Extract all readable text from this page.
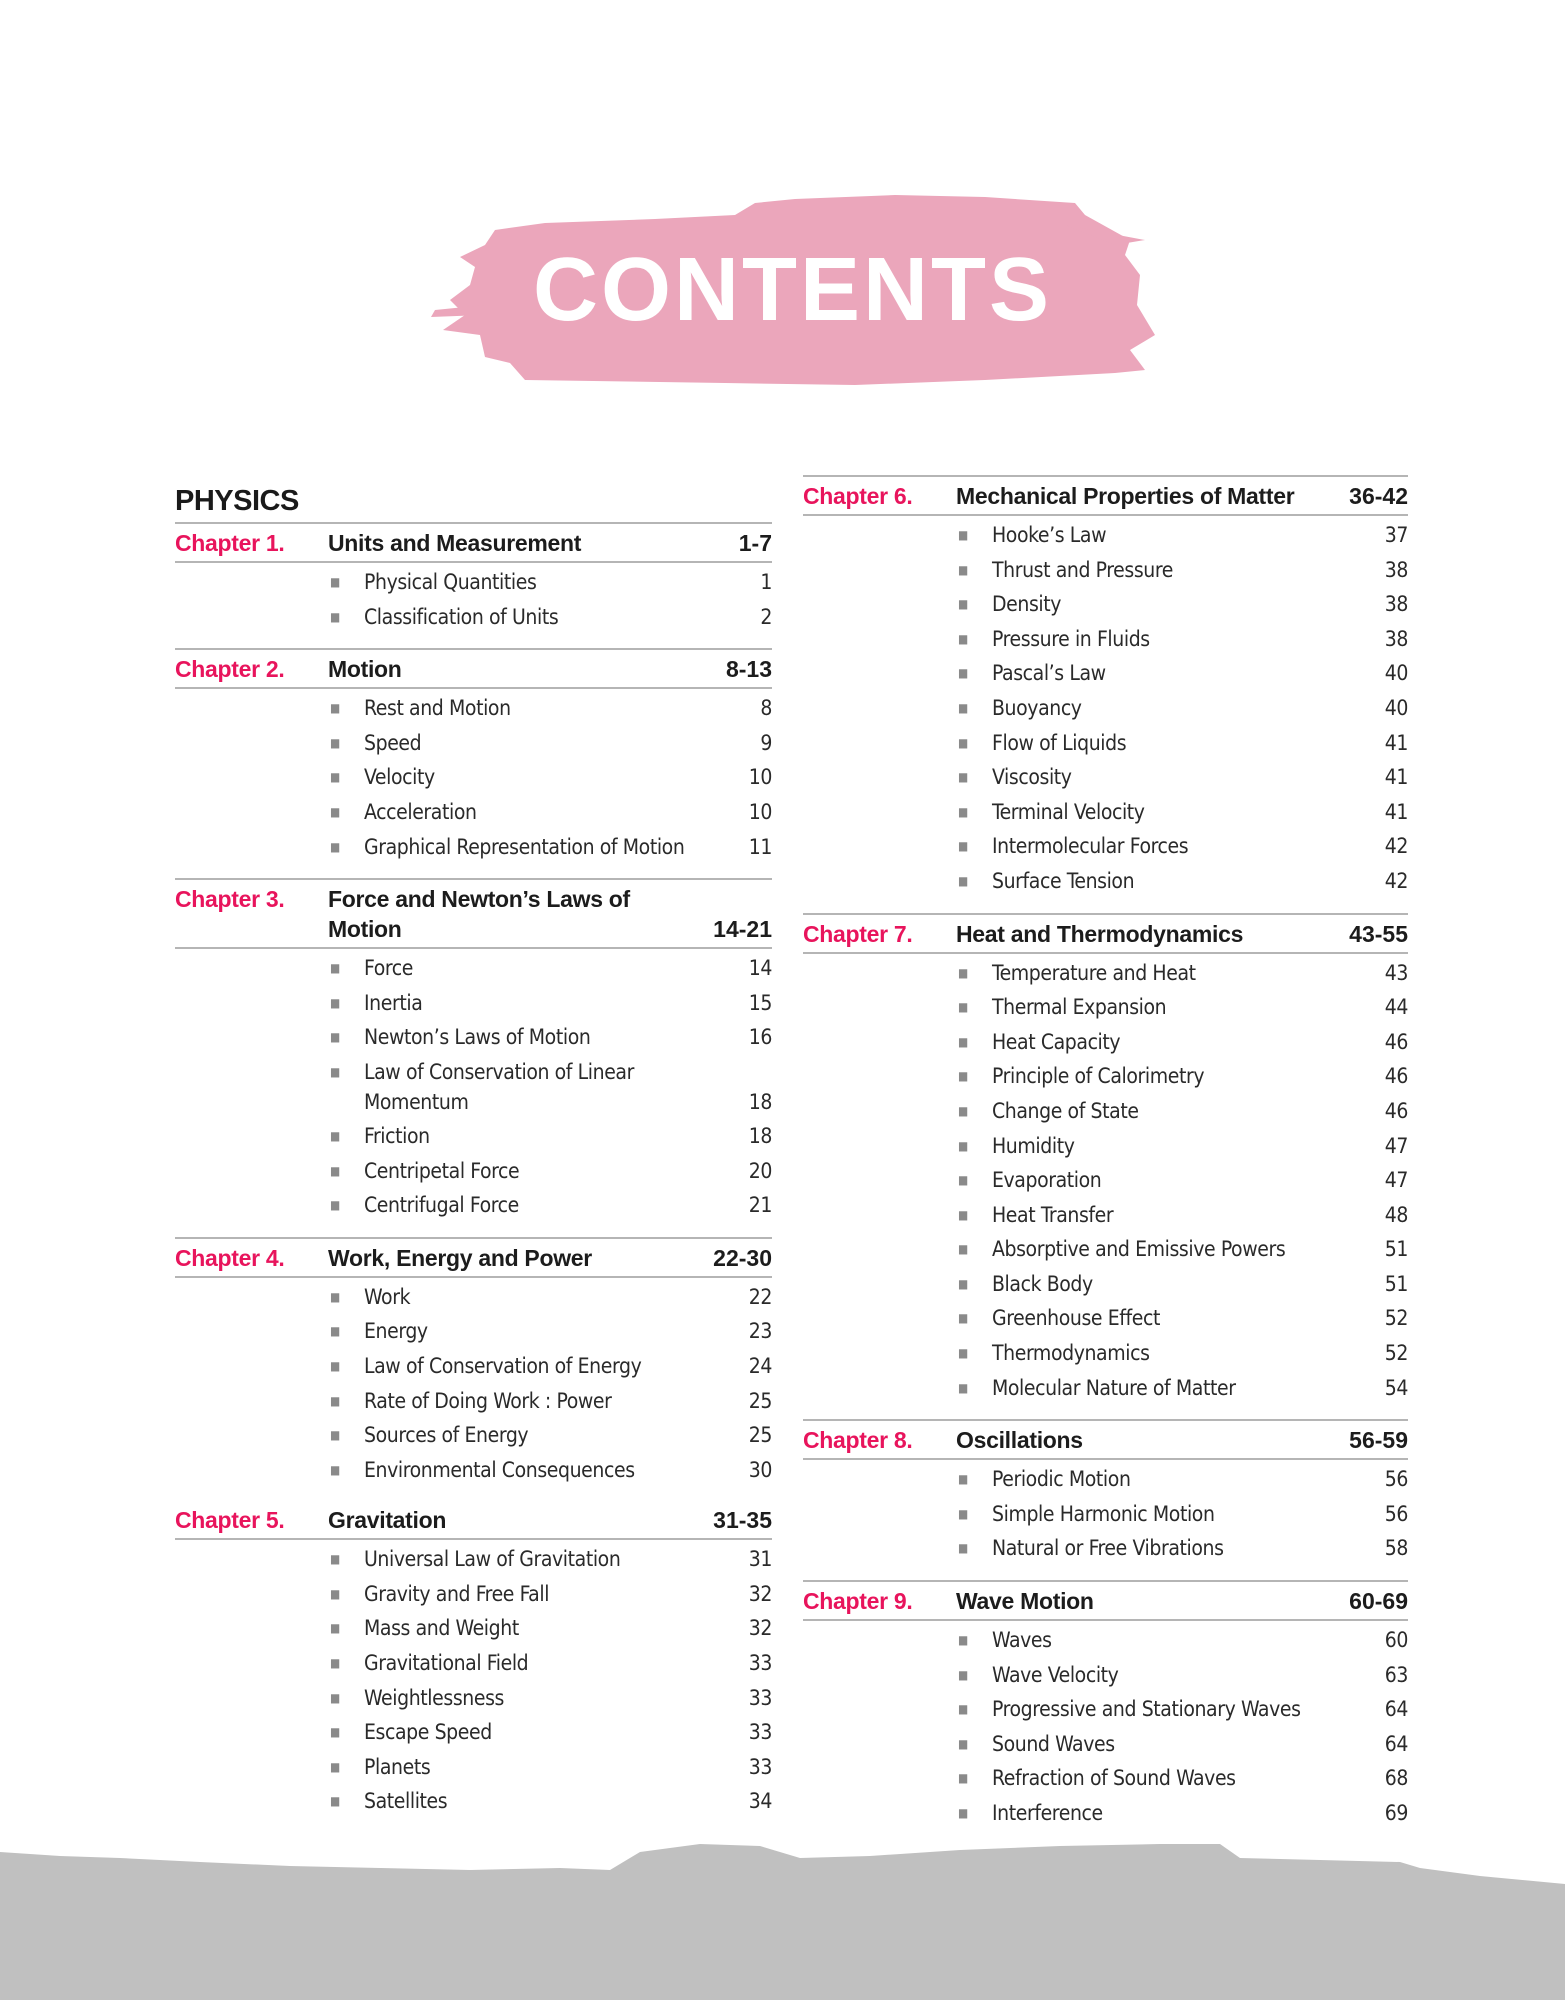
CONTENTS
PHYSICS
Chapter 1.	Units and Measurement	1-7
■	Physical Quantities	1
■	Classification of Units	2
Chapter 2.	Motion	8-13
■	Rest and Motion	8
■	Speed	9
■	Velocity	10
■	Acceleration	10
■	Graphical Representation of Motion	11
Chapter 3.	Force and Newton’s Laws of Motion	14-21
■	Force	14
■	Inertia	15
■	Newton’s Laws of Motion	16
■	Law of Conservation of Linear Momentum	18
■	Friction	18
■	Centripetal Force	20
■	Centrifugal Force	21
Chapter 4.	Work, Energy and Power	22-30
■	Work	22
■	Energy	23
■	Law of Conservation of Energy	24
■	Rate of Doing Work : Power	25
■	Sources of Energy	25
■	Environmental Consequences	30
Chapter 5.	Gravitation	31-35
■	Universal Law of Gravitation	31
■	Gravity and Free Fall	32
■	Mass and Weight	32
■	Gravitational Field	33
■	Weightlessness	33
■	Escape Speed	33
■	Planets	33
■	Satellites	34
Chapter 6.	Mechanical Properties of Matter	36-42
■	Hooke’s Law	37
■	Thrust and Pressure	38
■	Density	38
■	Pressure in Fluids	38
■	Pascal’s Law	40
■	Buoyancy	40
■	Flow of Liquids	41
■	Viscosity	41
■	Terminal Velocity	41
■	Intermolecular Forces	42
■	Surface Tension	42
Chapter 7.	Heat and Thermodynamics	43-55
■	Temperature and Heat	43
■	Thermal Expansion	44
■	Heat Capacity	46
■	Principle of Calorimetry	46
■	Change of State	46
■	Humidity	47
■	Evaporation	47
■	Heat Transfer	48
■	Absorptive and Emissive Powers	51
■	Black Body	51
■	Greenhouse Effect	52
■	Thermodynamics	52
■	Molecular Nature of Matter	54
Chapter 8.	Oscillations	56-59
■	Periodic Motion	56
■	Simple Harmonic Motion	56
■	Natural or Free Vibrations	58
Chapter 9.	Wave Motion	60-69
■	Waves	60
■	Wave Velocity	63
■	Progressive and Stationary Waves	64
■	Sound Waves	64
■	Refraction of Sound Waves	68
■	Interference	69
